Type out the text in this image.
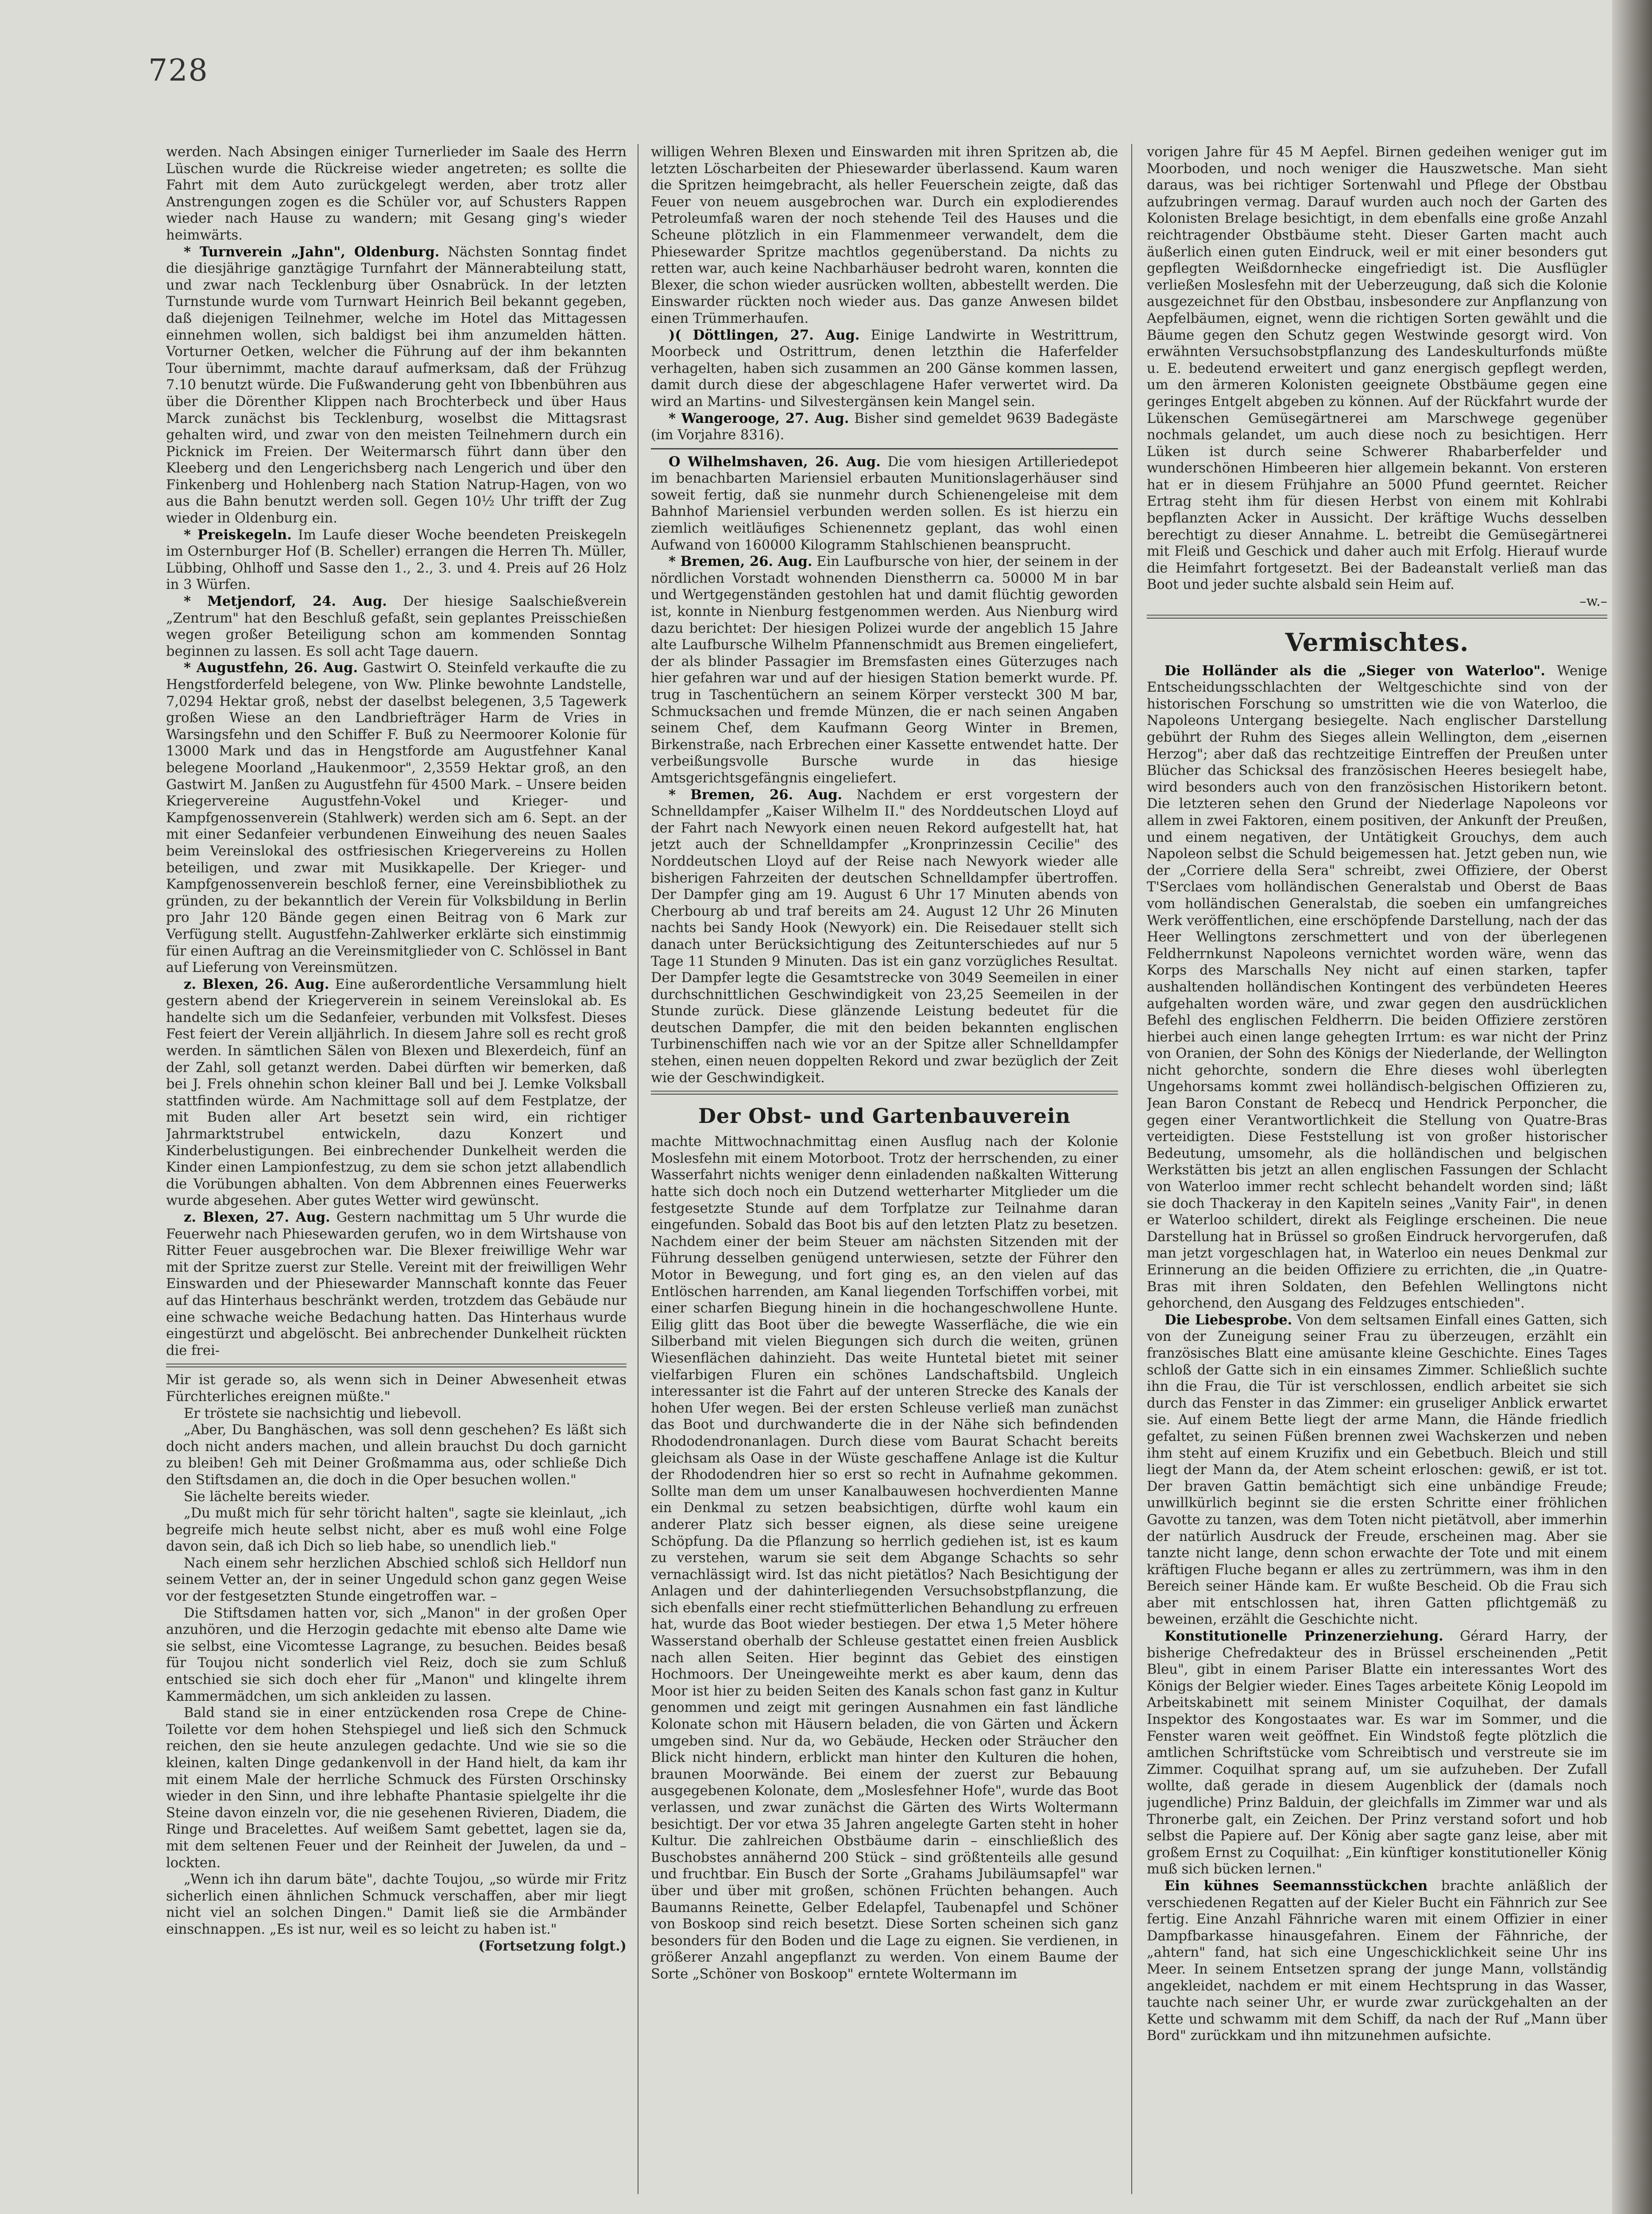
728

werden. Nach Absingen einiger Turnerlieder im Saale des Herrn Lüschen wurde die Rückreise wieder angetreten; es sollte die Fahrt mit dem Auto zurückgelegt werden, aber trotz aller Anstrengungen zogen es die Schüler vor, auf Schusters Rappen wieder nach Hause zu wandern; mit Gesang ging's wieder heimwärts.

* Turnverein „Jahn", Oldenburg. Nächsten Sonntag findet die diesjährige ganztägige Turnfahrt der Männerabteilung statt, und zwar nach Tecklenburg über Osnabrück. In der letzten Turnstunde wurde vom Turnwart Heinrich Beil bekannt gegeben, daß diejenigen Teilnehmer, welche im Hotel das Mittagessen einnehmen wollen, sich baldigst bei ihm anzumelden hätten. Vorturner Oetken, welcher die Führung auf der ihm bekannten Tour übernimmt, machte darauf aufmerksam, daß der Frühzug 7.10 benutzt würde. Die Fußwanderung geht von Ibbenbühren aus über die Dörenther Klippen nach Brochterbeck und über Haus Marck zunächst bis Tecklenburg, woselbst die Mittagsrast gehalten wird, und zwar von den meisten Teilnehmern durch ein Picknick im Freien. Der Weitermarsch führt dann über den Kleeberg und den Lengerichsberg nach Lengerich und über den Finkenberg und Hohlenberg nach Station Natrup-Hagen, von wo aus die Bahn benutzt werden soll. Gegen 10½ Uhr trifft der Zug wieder in Oldenburg ein.

* Preiskegeln. Im Laufe dieser Woche beendeten Preiskegeln im Osternburger Hof (B. Scheller) errangen die Herren Th. Müller, Lübbing, Ohlhoff und Sasse den 1., 2., 3. und 4. Preis auf 26 Holz in 3 Würfen.

* Metjendorf, 24. Aug. Der hiesige Saalschießverein „Zentrum" hat den Beschluß gefaßt, sein geplantes Preisschießen wegen großer Beteiligung schon am kommenden Sonntag beginnen zu lassen. Es soll acht Tage dauern.

* Augustfehn, 26. Aug. Gastwirt O. Steinfeld verkaufte die zu Hengstforderfeld belegene, von Ww. Plinke bewohnte Landstelle, 7,0294 Hektar groß, nebst der daselbst belegenen, 3,5 Tagewerk großen Wiese an den Landbriefträger Harm de Vries in Warsingsfehn und den Schiffer F. Buß zu Neermoorer Kolonie für 13000 Mark und das in Hengstforde am Augustfehner Kanal belegene Moorland „Haukenmoor", 2,3559 Hektar groß, an den Gastwirt M. Janßen zu Augustfehn für 4500 Mark. – Unsere beiden Kriegervereine Augustfehn-Vokel und Krieger- und Kampfgenossenverein (Stahlwerk) werden sich am 6. Sept. an der mit einer Sedanfeier verbundenen Einweihung des neuen Saales beim Vereinslokal des ostfriesischen Kriegervereins zu Hollen beteiligen, und zwar mit Musikkapelle. Der Krieger- und Kampfgenossenverein beschloß ferner, eine Vereinsbibliothek zu gründen, zu der bekanntlich der Verein für Volksbildung in Berlin pro Jahr 120 Bände gegen einen Beitrag von 6 Mark zur Verfügung stellt. Augustfehn-Zahlwerker erklärte sich einstimmig für einen Auftrag an die Vereinsmitglieder von C. Schlössel in Bant auf Lieferung von Vereinsmützen.

z. Blexen, 26. Aug. Eine außerordentliche Versammlung hielt gestern abend der Kriegerverein in seinem Vereinslokal ab. Es handelte sich um die Sedanfeier, verbunden mit Volksfest. Dieses Fest feiert der Verein alljährlich. In diesem Jahre soll es recht groß werden. In sämtlichen Sälen von Blexen und Blexerdeich, fünf an der Zahl, soll getanzt werden. Dabei dürften wir bemerken, daß bei J. Frels ohnehin schon kleiner Ball und bei J. Lemke Volksball stattfinden würde. Am Nachmittage soll auf dem Festplatze, der mit Buden aller Art besetzt sein wird, ein richtiger Jahrmarktstrubel entwickeln, dazu Konzert und Kinderbelustigungen. Bei einbrechender Dunkelheit werden die Kinder einen Lampionfestzug, zu dem sie schon jetzt allabendlich die Vorübungen abhalten. Von dem Abbrennen eines Feuerwerks wurde abgesehen. Aber gutes Wetter wird gewünscht.

z. Blexen, 27. Aug. Gestern nachmittag um 5 Uhr wurde die Feuerwehr nach Phiesewarden gerufen, wo in dem Wirtshause von Ritter Feuer ausgebrochen war. Die Blexer freiwillige Wehr war mit der Spritze zuerst zur Stelle. Vereint mit der freiwilligen Wehr Einswarden und der Phiesewarder Mannschaft konnte das Feuer auf das Hinterhaus beschränkt werden, trotzdem das Gebäude nur eine schwache weiche Bedachung hatten. Das Hinterhaus wurde eingestürzt und abgelöscht. Bei anbrechender Dunkelheit rückten die frei-

Mir ist gerade so, als wenn sich in Deiner Abwesenheit etwas Fürchterliches ereignen müßte."

Er tröstete sie nachsichtig und liebevoll.

„Aber, Du Banghäschen, was soll denn geschehen? Es läßt sich doch nicht anders machen, und allein brauchst Du doch garnicht zu bleiben! Geh mit Deiner Großmamma aus, oder schließe Dich den Stiftsdamen an, die doch in die Oper besuchen wollen."

Sie lächelte bereits wieder.

„Du mußt mich für sehr töricht halten", sagte sie kleinlaut, „ich begreife mich heute selbst nicht, aber es muß wohl eine Folge davon sein, daß ich Dich so lieb habe, so unendlich lieb."

Nach einem sehr herzlichen Abschied schloß sich Helldorf nun seinem Vetter an, der in seiner Ungeduld schon ganz gegen Weise vor der festgesetzten Stunde eingetroffen war. –

Die Stiftsdamen hatten vor, sich „Manon" in der großen Oper anzuhören, und die Herzogin gedachte mit ebenso alte Dame wie sie selbst, eine Vicomtesse Lagrange, zu besuchen. Beides besaß für Toujou nicht sonderlich viel Reiz, doch sie zum Schluß entschied sie sich doch eher für „Manon" und klingelte ihrem Kammermädchen, um sich ankleiden zu lassen.

Bald stand sie in einer entzückenden rosa Crepe de Chine-Toilette vor dem hohen Stehspiegel und ließ sich den Schmuck reichen, den sie heute anzulegen gedachte. Und wie sie so die kleinen, kalten Dinge gedankenvoll in der Hand hielt, da kam ihr mit einem Male der herrliche Schmuck des Fürsten Orschinsky wieder in den Sinn, und ihre lebhafte Phantasie spielgelte ihr die Steine davon einzeln vor, die nie gesehenen Rivieren, Diadem, die Ringe und Bracelettes. Auf weißem Samt gebettet, lagen sie da, mit dem seltenen Feuer und der Reinheit der Juwelen, da und – lockten.

„Wenn ich ihn darum bäte", dachte Toujou, „so würde mir Fritz sicherlich einen ähnlichen Schmuck verschaffen, aber mir liegt nicht viel an solchen Dingen." Damit ließ sie die Armbänder einschnappen. „Es ist nur, weil es so leicht zu haben ist."

(Fortsetzung folgt.)

willigen Wehren Blexen und Einswarden mit ihren Spritzen ab, die letzten Löscharbeiten der Phiesewarder überlassend. Kaum waren die Spritzen heimgebracht, als heller Feuerschein zeigte, daß das Feuer von neuem ausgebrochen war. Durch ein explodierendes Petroleumfaß waren der noch stehende Teil des Hauses und die Scheune plötzlich in ein Flammenmeer verwandelt, dem die Phiesewarder Spritze machtlos gegenüberstand. Da nichts zu retten war, auch keine Nachbarhäuser bedroht waren, konnten die Blexer, die schon wieder ausrücken wollten, abbestellt werden. Die Einswarder rückten noch wieder aus. Das ganze Anwesen bildet einen Trümmerhaufen.

)( Döttlingen, 27. Aug. Einige Landwirte in Westrittrum, Moorbeck und Ostrittrum, denen letzthin die Haferfelder verhagelten, haben sich zusammen an 200 Gänse kommen lassen, damit durch diese der abgeschlagene Hafer verwertet wird. Da wird an Martins- und Silvestergänsen kein Mangel sein.

* Wangerooge, 27. Aug. Bisher sind gemeldet 9639 Badegäste (im Vorjahre 8316).

O Wilhelmshaven, 26. Aug. Die vom hiesigen Artilleriedepot im benachbarten Mariensiel erbauten Munitionslagerhäuser sind soweit fertig, daß sie nunmehr durch Schienengeleise mit dem Bahnhof Mariensiel verbunden werden sollen. Es ist hierzu ein ziemlich weitläufiges Schienennetz geplant, das wohl einen Aufwand von 160000 Kilogramm Stahlschienen beansprucht.

* Bremen, 26. Aug. Ein Laufbursche von hier, der seinem in der nördlichen Vorstadt wohnenden Dienstherrn ca. 50000 M in bar und Wertgegenständen gestohlen hat und damit flüchtig geworden ist, konnte in Nienburg festgenommen werden. Aus Nienburg wird dazu berichtet: Der hiesigen Polizei wurde der angeblich 15 Jahre alte Laufbursche Wilhelm Pfannenschmidt aus Bremen eingeliefert, der als blinder Passagier im Bremsfasten eines Güterzuges nach hier gefahren war und auf der hiesigen Station bemerkt wurde. Pf. trug in Taschentüchern an seinem Körper versteckt 300 M bar, Schmucksachen und fremde Münzen, die er nach seinen Angaben seinem Chef, dem Kaufmann Georg Winter in Bremen, Birkenstraße, nach Erbrechen einer Kassette entwendet hatte. Der verbeißungsvolle Bursche wurde in das hiesige Amtsgerichtsgefängnis eingeliefert.

* Bremen, 26. Aug. Nachdem er erst vorgestern der Schnelldampfer „Kaiser Wilhelm II." des Norddeutschen Lloyd auf der Fahrt nach Newyork einen neuen Rekord aufgestellt hat, hat jetzt auch der Schnelldampfer „Kronprinzessin Cecilie" des Norddeutschen Lloyd auf der Reise nach Newyork wieder alle bisherigen Fahrzeiten der deutschen Schnelldampfer übertroffen. Der Dampfer ging am 19. August 6 Uhr 17 Minuten abends von Cherbourg ab und traf bereits am 24. August 12 Uhr 26 Minuten nachts bei Sandy Hook (Newyork) ein. Die Reisedauer stellt sich danach unter Berücksichtigung des Zeitunterschiedes auf nur 5 Tage 11 Stunden 9 Minuten. Das ist ein ganz vorzügliches Resultat. Der Dampfer legte die Gesamtstrecke von 3049 Seemeilen in einer durchschnittlichen Geschwindigkeit von 23,25 Seemeilen in der Stunde zurück. Diese glänzende Leistung bedeutet für die deutschen Dampfer, die mit den beiden bekannten englischen Turbinenschiffen nach wie vor an der Spitze aller Schnelldampfer stehen, einen neuen doppelten Rekord und zwar bezüglich der Zeit wie der Geschwindigkeit.

Der Obst- und Gartenbauverein

machte Mittwochnachmittag einen Ausflug nach der Kolonie Moslesfehn mit einem Motorboot. Trotz der herrschenden, zu einer Wasserfahrt nichts weniger denn einladenden naßkalten Witterung hatte sich doch noch ein Dutzend wetterharter Mitglieder um die festgesetzte Stunde auf dem Torfplatze zur Teilnahme daran eingefunden. Sobald das Boot bis auf den letzten Platz zu besetzen. Nachdem einer der beim Steuer am nächsten Sitzenden mit der Führung desselben genügend unterwiesen, setzte der Führer den Motor in Bewegung, und fort ging es, an den vielen auf das Entlöschen harrenden, am Kanal liegenden Torfschiffen vorbei, mit einer scharfen Biegung hinein in die hochangeschwollene Hunte. Eilig glitt das Boot über die bewegte Wasserfläche, die wie ein Silberband mit vielen Biegungen sich durch die weiten, grünen Wiesenflächen dahinzieht. Das weite Huntetal bietet mit seiner vielfarbigen Fluren ein schönes Landschaftsbild. Ungleich interessanter ist die Fahrt auf der unteren Strecke des Kanals der hohen Ufer wegen. Bei der ersten Schleuse verließ man zunächst das Boot und durchwanderte die in der Nähe sich befindenden Rhododendronanlagen. Durch diese vom Baurat Schacht bereits gleichsam als Oase in der Wüste geschaffene Anlage ist die Kultur der Rhododendren hier so erst so recht in Aufnahme gekommen. Sollte man dem um unser Kanalbauwesen hochverdienten Manne ein Denkmal zu setzen beabsichtigen, dürfte wohl kaum ein anderer Platz sich besser eignen, als diese seine ureigene Schöpfung. Da die Pflanzung so herrlich gediehen ist, ist es kaum zu verstehen, warum sie seit dem Abgange Schachts so sehr vernachlässigt wird. Ist das nicht pietätlos? Nach Besichtigung der Anlagen und der dahinterliegenden Versuchsobstpflanzung, die sich ebenfalls einer recht stiefmütterlichen Behandlung zu erfreuen hat, wurde das Boot wieder bestiegen. Der etwa 1,5 Meter höhere Wasserstand oberhalb der Schleuse gestattet einen freien Ausblick nach allen Seiten. Hier beginnt das Gebiet des einstigen Hochmoors. Der Uneingeweihte merkt es aber kaum, denn das Moor ist hier zu beiden Seiten des Kanals schon fast ganz in Kultur genommen und zeigt mit geringen Ausnahmen ein fast ländliche Kolonate schon mit Häusern beladen, die von Gärten und Äckern umgeben sind. Nur da, wo Gebäude, Hecken oder Sträucher den Blick nicht hindern, erblickt man hinter den Kulturen die hohen, braunen Moorwände. Bei einem der zuerst zur Bebauung ausgegebenen Kolonate, dem „Moslesfehner Hofe", wurde das Boot verlassen, und zwar zunächst die Gärten des Wirts Woltermann besichtigt. Der vor etwa 35 Jahren angelegte Garten steht in hoher Kultur. Die zahlreichen Obstbäume darin – einschließlich des Buschobstes annähernd 200 Stück – sind größtenteils alle gesund und fruchtbar. Ein Busch der Sorte „Grahams Jubiläumsapfel" war über und über mit großen, schönen Früchten behangen. Auch Baumanns Reinette, Gelber Edelapfel, Taubenapfel und Schöner von Boskoop sind reich besetzt. Diese Sorten scheinen sich ganz besonders für den Boden und die Lage zu eignen. Sie verdienen, in größerer Anzahl angepflanzt zu werden. Von einem Baume der Sorte „Schöner von Boskoop" erntete Woltermann im

vorigen Jahre für 45 M Aepfel. Birnen gedeihen weniger gut im Moorboden, und noch weniger die Hauszwetsche. Man sieht daraus, was bei richtiger Sortenwahl und Pflege der Obstbau aufzubringen vermag. Darauf wurden auch noch der Garten des Kolonisten Brelage besichtigt, in dem ebenfalls eine große Anzahl reichtragender Obstbäume steht. Dieser Garten macht auch äußerlich einen guten Eindruck, weil er mit einer besonders gut gepflegten Weißdornhecke eingefriedigt ist. Die Ausflügler verließen Moslesfehn mit der Ueberzeugung, daß sich die Kolonie ausgezeichnet für den Obstbau, insbesondere zur Anpflanzung von Aepfelbäumen, eignet, wenn die richtigen Sorten gewählt und die Bäume gegen den Schutz gegen Westwinde gesorgt wird. Von erwähnten Versuchsobstpflanzung des Landeskulturfonds müßte u. E. bedeutend erweitert und ganz energisch gepflegt werden, um den ärmeren Kolonisten geeignete Obstbäume gegen eine geringes Entgelt abgeben zu können. Auf der Rückfahrt wurde der Lükenschen Gemüsegärtnerei am Marschwege gegenüber nochmals gelandet, um auch diese noch zu besichtigen. Herr Lüken ist durch seine Schwerer Rhabarberfelder und wunderschönen Himbeeren hier allgemein bekannt. Von ersteren hat er in diesem Frühjahre an 5000 Pfund geerntet. Reicher Ertrag steht ihm für diesen Herbst von einem mit Kohlrabi bepflanzten Acker in Aussicht. Der kräftige Wuchs desselben berechtigt zu dieser Annahme. L. betreibt die Gemüsegärtnerei mit Fleiß und Geschick und daher auch mit Erfolg. Hierauf wurde die Heimfahrt fortgesetzt. Bei der Badeanstalt verließ man das Boot und jeder suchte alsbald sein Heim auf.

–w.–

Vermischtes.

Die Holländer als die „Sieger von Waterloo". Wenige Entscheidungsschlachten der Weltgeschichte sind von der historischen Forschung so umstritten wie die von Waterloo, die Napoleons Untergang besiegelte. Nach englischer Darstellung gebührt der Ruhm des Sieges allein Wellington, dem „eisernen Herzog"; aber daß das rechtzeitige Eintreffen der Preußen unter Blücher das Schicksal des französischen Heeres besiegelt habe, wird besonders auch von den französischen Historikern betont. Die letzteren sehen den Grund der Niederlage Napoleons vor allem in zwei Faktoren, einem positiven, der Ankunft der Preußen, und einem negativen, der Untätigkeit Grouchys, dem auch Napoleon selbst die Schuld beigemessen hat. Jetzt geben nun, wie der „Corriere della Sera" schreibt, zwei Offiziere, der Oberst T'Serclaes vom holländischen Generalstab und Oberst de Baas vom holländischen Generalstab, die soeben ein umfangreiches Werk veröffentlichen, eine erschöpfende Darstellung, nach der das Heer Wellingtons zerschmettert und von der überlegenen Feldherrnkunst Napoleons vernichtet worden wäre, wenn das Korps des Marschalls Ney nicht auf einen starken, tapfer aushaltenden holländischen Kontingent des verbündeten Heeres aufgehalten worden wäre, und zwar gegen den ausdrücklichen Befehl des englischen Feldherrn. Die beiden Offiziere zerstören hierbei auch einen lange gehegten Irrtum: es war nicht der Prinz von Oranien, der Sohn des Königs der Niederlande, der Wellington nicht gehorchte, sondern die Ehre dieses wohl überlegten Ungehorsams kommt zwei holländisch-belgischen Offizieren zu, Jean Baron Constant de Rebecq und Hendrick Perponcher, die gegen einer Verantwortlichkeit die Stellung von Quatre-Bras verteidigten. Diese Feststellung ist von großer historischer Bedeutung, umsomehr, als die holländischen und belgischen Werkstätten bis jetzt an allen englischen Fassungen der Schlacht von Waterloo immer recht schlecht behandelt worden sind; läßt sie doch Thackeray in den Kapiteln seines „Vanity Fair", in denen er Waterloo schildert, direkt als Feiglinge erscheinen. Die neue Darstellung hat in Brüssel so großen Eindruck hervorgerufen, daß man jetzt vorgeschlagen hat, in Waterloo ein neues Denkmal zur Erinnerung an die beiden Offiziere zu errichten, die „in Quatre-Bras mit ihren Soldaten, den Befehlen Wellingtons nicht gehorchend, den Ausgang des Feldzuges entschieden".

Die Liebesprobe. Von dem seltsamen Einfall eines Gatten, sich von der Zuneigung seiner Frau zu überzeugen, erzählt ein französisches Blatt eine amüsante kleine Geschichte. Eines Tages schloß der Gatte sich in ein einsames Zimmer. Schließlich suchte ihn die Frau, die Tür ist verschlossen, endlich arbeitet sie sich durch das Fenster in das Zimmer: ein gruseliger Anblick erwartet sie. Auf einem Bette liegt der arme Mann, die Hände friedlich gefaltet, zu seinen Füßen brennen zwei Wachskerzen und neben ihm steht auf einem Kruzifix und ein Gebetbuch. Bleich und still liegt der Mann da, der Atem scheint erloschen: gewiß, er ist tot. Der braven Gattin bemächtigt sich eine unbändige Freude; unwillkürlich beginnt sie die ersten Schritte einer fröhlichen Gavotte zu tanzen, was dem Toten nicht pietätvoll, aber immerhin der natürlich Ausdruck der Freude, erscheinen mag. Aber sie tanzte nicht lange, denn schon erwachte der Tote und mit einem kräftigen Fluche begann er alles zu zertrümmern, was ihm in den Bereich seiner Hände kam. Er wußte Bescheid. Ob die Frau sich aber mit entschlossen hat, ihren Gatten pflichtgemäß zu beweinen, erzählt die Geschichte nicht.

Konstitutionelle Prinzenerziehung. Gérard Harry, der bisherige Chefredakteur des in Brüssel erscheinenden „Petit Bleu", gibt in einem Pariser Blatte ein interessantes Wort des Königs der Belgier wieder. Eines Tages arbeitete König Leopold im Arbeitskabinett mit seinem Minister Coquilhat, der damals Inspektor des Kongostaates war. Es war im Sommer, und die Fenster waren weit geöffnet. Ein Windstoß fegte plötzlich die amtlichen Schriftstücke vom Schreibtisch und verstreute sie im Zimmer. Coquilhat sprang auf, um sie aufzuheben. Der Zufall wollte, daß gerade in diesem Augenblick der (damals noch jugendliche) Prinz Balduin, der gleichfalls im Zimmer war und als Thronerbe galt, ein Zeichen. Der Prinz verstand sofort und hob selbst die Papiere auf. Der König aber sagte ganz leise, aber mit großem Ernst zu Coquilhat: „Ein künftiger konstitutioneller König muß sich bücken lernen."

Ein kühnes Seemannsstückchen brachte anläßlich der verschiedenen Regatten auf der Kieler Bucht ein Fähnrich zur See fertig. Eine Anzahl Fähnriche waren mit einem Offizier in einer Dampfbarkasse hinausgefahren. Einem der Fähnriche, der „ahtern" fand, hat sich eine Ungeschicklichkeit seine Uhr ins Meer. In seinem Entsetzen sprang der junge Mann, vollständig angekleidet, nachdem er mit einem Hechtsprung in das Wasser, tauchte nach seiner Uhr, er wurde zwar zurückgehalten an der Kette und schwamm mit dem Schiff, da nach der Ruf „Mann über Bord" zurückkam und ihn mitzunehmen aufsichte.
